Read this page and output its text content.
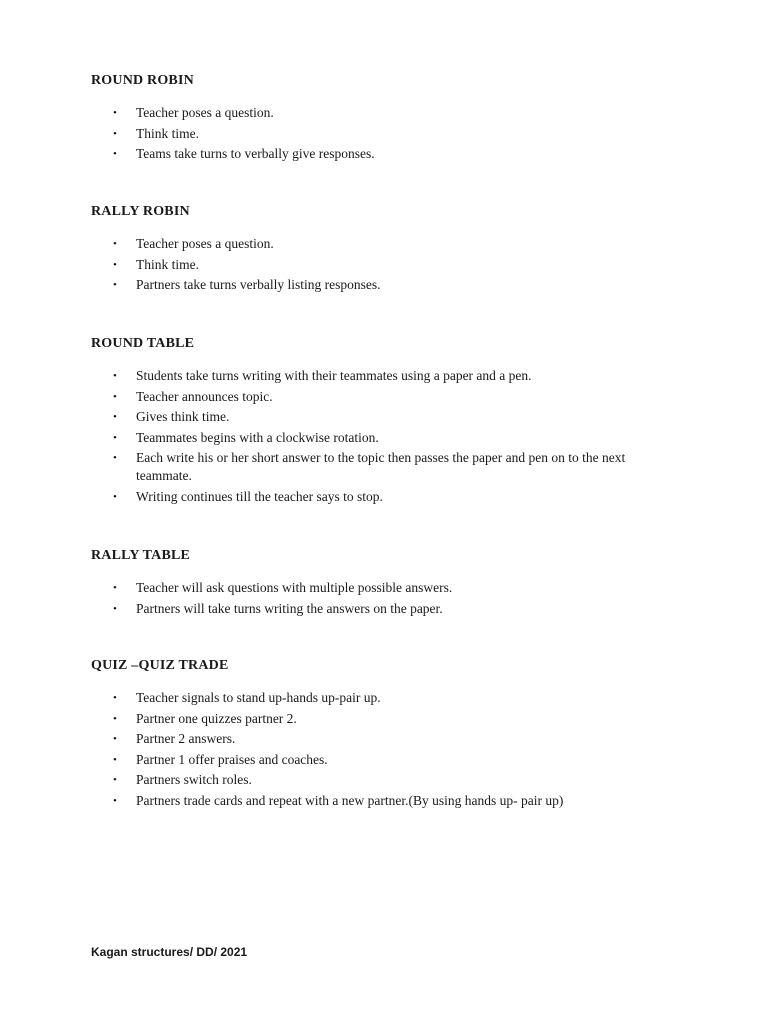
ROUND ROBIN
• Teacher poses a question.
• Think time.
• Teams take turns to verbally give responses.
RALLY ROBIN
• Teacher poses a question.
• Think time.
• Partners take turns verbally listing responses.
ROUND TABLE
• Students take turns writing with their teammates using a paper and a pen.
• Teacher announces topic.
• Gives think time.
• Teammates begins with a clockwise rotation.
• Each write his or her short answer to the topic then passes the paper and pen on to the next teammate.
• Writing continues till the teacher says to stop.
RALLY TABLE
• Teacher will ask questions with multiple possible answers.
• Partners will take turns writing the answers on the paper.
QUIZ –QUIZ TRADE
• Teacher signals to stand up-hands up-pair up.
• Partner one quizzes partner 2.
• Partner 2 answers.
• Partner 1 offer praises and coaches.
• Partners switch roles.
• Partners trade cards and repeat with a new partner.(By using hands up- pair up)
Kagan structures/ DD/ 2021
